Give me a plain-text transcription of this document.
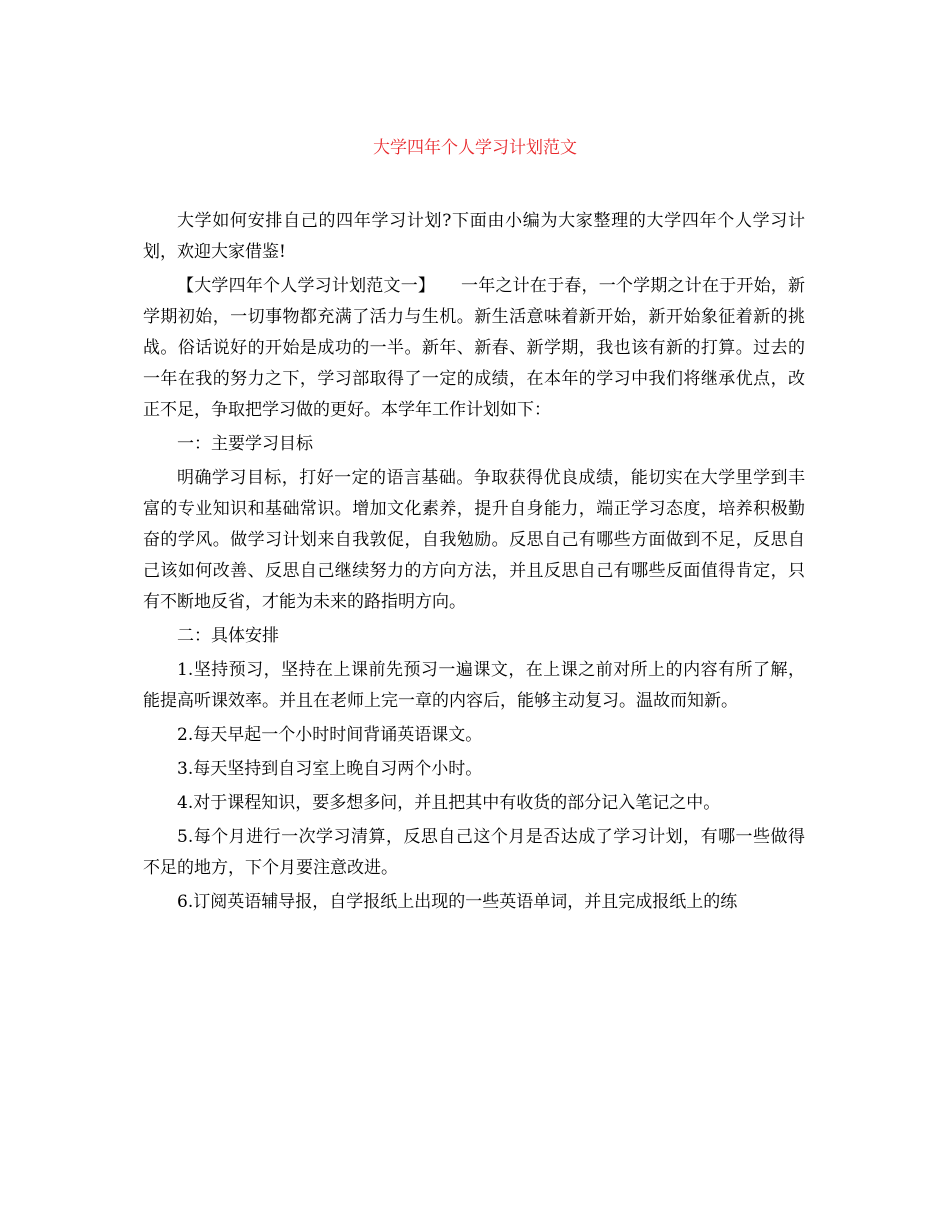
大学四年个人学习计划范文

大学如何安排自己的四年学习计划?下面由小编为大家整理的大学四年个人学习计划，欢迎大家借鉴!

【大学四年个人学习计划范文一】　　一年之计在于春，一个学期之计在于开始，新学期初始，一切事物都充满了活力与生机。新生活意味着新开始，新开始象征着新的挑战。俗话说好的开始是成功的一半。新年、新春、新学期，我也该有新的打算。过去的一年在我的努力之下，学习部取得了一定的成绩，在本年的学习中我们将继承优点，改正不足，争取把学习做的更好。本学年工作计划如下：

一：主要学习目标

明确学习目标，打好一定的语言基础。争取获得优良成绩，能切实在大学里学到丰富的专业知识和基础常识。增加文化素养，提升自身能力，端正学习态度，培养积极勤奋的学风。做学习计划来自我敦促，自我勉励。反思自己有哪些方面做到不足，反思自己该如何改善、反思自己继续努力的方向方法，并且反思自己有哪些反面值得肯定，只有不断地反省，才能为未来的路指明方向。

二：具体安排

1.坚持预习，坚持在上课前先预习一遍课文，在上课之前对所上的内容有所了解，能提高听课效率。并且在老师上完一章的内容后，能够主动复习。温故而知新。

2.每天早起一个小时时间背诵英语课文。

3.每天坚持到自习室上晚自习两个小时。

4.对于课程知识，要多想多问，并且把其中有收货的部分记入笔记之中。

5.每个月进行一次学习清算，反思自己这个月是否达成了学习计划，有哪一些做得不足的地方，下个月要注意改进。

6.订阅英语辅导报，自学报纸上出现的一些英语单词，并且完成报纸上的练
